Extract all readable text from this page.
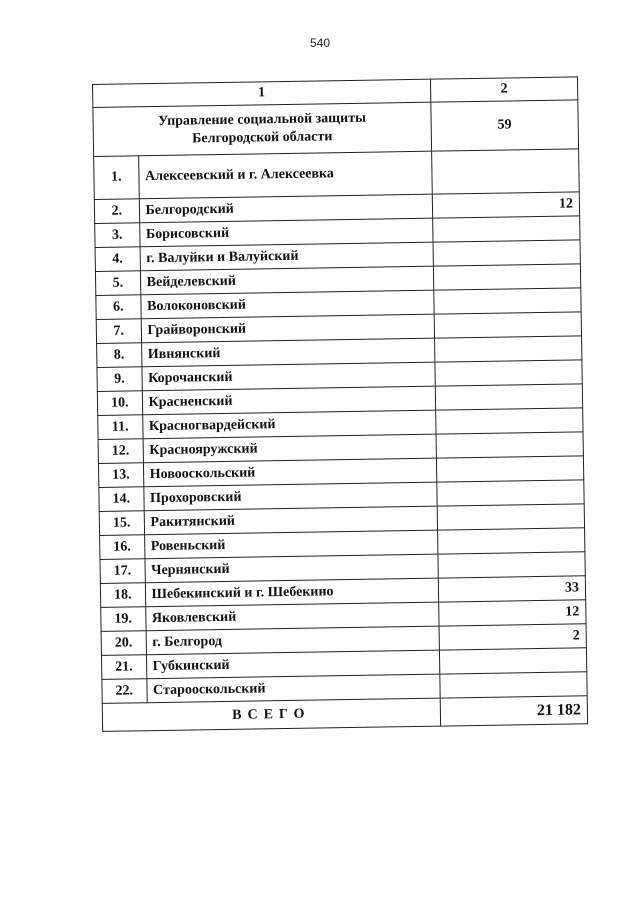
540
1		2

Управление социальной защиты
Белгородской области		59
1.	Алексеевский и г. Алексеевка	
2.	Белгородский	12
3.	Борисовский	
4.	г. Валуйки и Валуйский	
5.	Вейделевский	
6.	Волоконовский	
7.	Грайворонский	
8.	Ивнянский	
9.	Корочанский	
10.	Красненский	
11.	Красногвардейский	
12.	Краснояружский	
13.	Новооскольский	
14.	Прохоровский	
15.	Ракитянский	
16.	Ровеньский	
17.	Чернянский	
18.	Шебекинский и г. Шебекино	33
19.	Яковлевский	12
20.	г. Белгород	2
21.	Губкинский	
22.	Старооскольский	
ВСЕГО		21 182
